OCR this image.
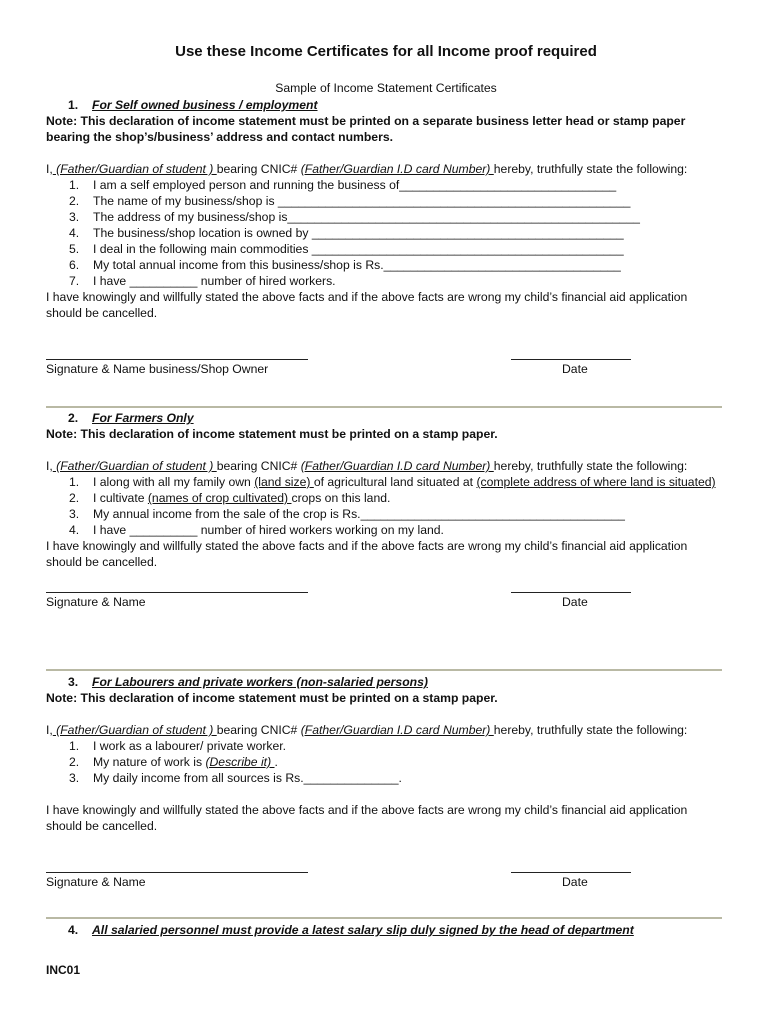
Use these Income Certificates for all Income proof required
Sample of Income Statement Certificates
1. For Self owned business / employment
Note: This declaration of income statement must be printed on a separate business letter head or stamp paper bearing the shop’s/business’ address and contact numbers.
I, (Father/Guardian of student ) bearing CNIC# (Father/Guardian I.D card Number) hereby, truthfully state the following:
1.	I am a self employed person and running the business of________________________________
2.	The name of my business/shop is ____________________________________________________
3.	The address of my business/shop is____________________________________________________
4.	The business/shop location is owned by ______________________________________________
5.	I deal in the following main commodities ______________________________________________
6.	My total annual income from this business/shop is Rs.___________________________________
7.	I have __________ number of hired workers.
I have knowingly and willfully stated the above facts and if the above facts are wrong my child’s financial aid application should be cancelled.
Signature & Name business/Shop Owner	Date
2. For Farmers Only
Note: This declaration of income statement must be printed on a stamp paper.
I, (Father/Guardian of student ) bearing CNIC# (Father/Guardian I.D card Number) hereby, truthfully state the following:
1.	I along with all my family own (land size) of agricultural land situated at (complete address of where land is situated)
2.	I cultivate (names of crop cultivated) crops on this land.
3.	My annual income from the sale of the crop is Rs._______________________________________
4.	I have __________ number of hired workers working on my land.
I have knowingly and willfully stated the above facts and if the above facts are wrong my child’s financial aid application should be cancelled.
Signature & Name	Date
3. For Labourers and private workers (non-salaried persons)
Note: This declaration of income statement must be printed on a stamp paper.
I, (Father/Guardian of student ) bearing CNIC# (Father/Guardian I.D card Number) hereby, truthfully state the following:
1.	I work as a labourer/ private worker.
2.	My nature of work is (Describe it) .
3.	My daily income from all sources is Rs.______________.
I have knowingly and willfully stated the above facts and if the above facts are wrong my child’s financial aid application should be cancelled.
Signature & Name	Date
4. All salaried personnel must provide a latest salary slip duly signed by the head of department
INC01
